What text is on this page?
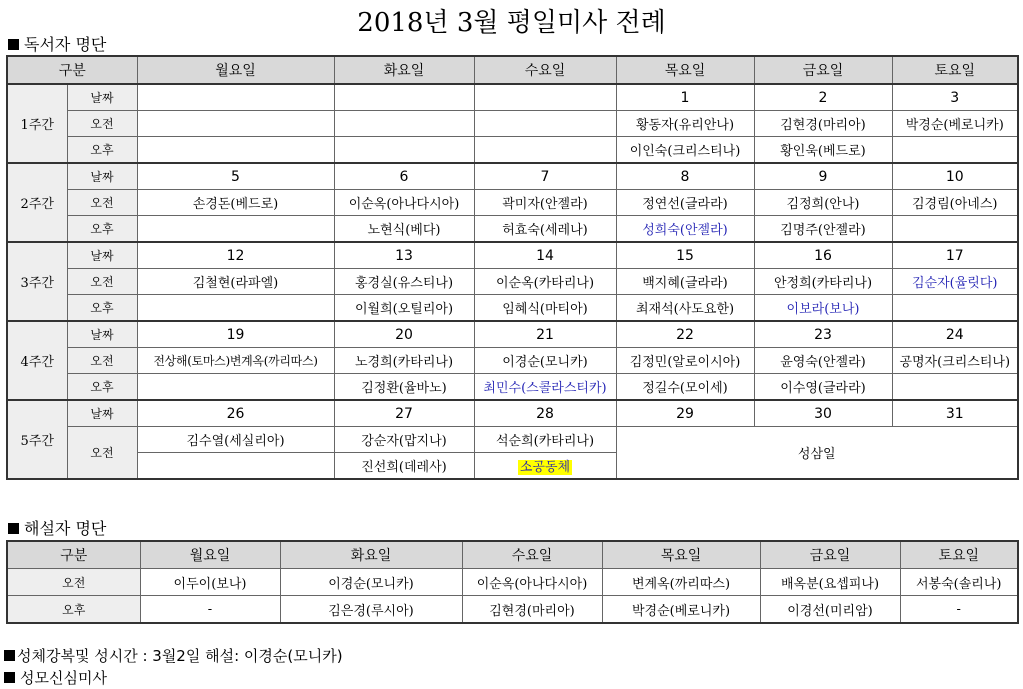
2018년 3월 평일미사 전례
독서자 명단
구분		월요일	화요일	수요일	목요일	금요일	토요일
1주간	날짜				1	2	3
	오전				황동자(유리안나)	김현경(마리아)	박경순(베로니카)
	오후				이인숙(크리스티나)	황인욱(베드로)	
2주간	날짜	5	6	7	8	9	10
	오전	손경돈(베드로)	이순옥(아나다시아)	곽미자(안젤라)	정연선(글라라)	김정희(안나)	김경림(아네스)
	오후		노현식(베다)	허효숙(세레나)	성희숙(안젤라)	김명주(안젤라)	
3주간	날짜	12	13	14	15	16	17
	오전	김철현(라파엘)	홍경실(유스티나)	이순옥(카타리나)	백지혜(글라라)	안정희(카타리나)	김순자(율릿다)
	오후		이월희(오틸리아)	임혜식(마티아)	최재석(사도요한)	이보라(보나)	
4주간	날짜	19	20	21	22	23	24
	오전	전상해(토마스)변계옥(까리따스)	노경희(카타리나)	이경순(모니카)	김정민(알로이시아)	윤영숙(안젤라)	공명자(크리스티나)
	오후		김정환(율바노)	최민수(스콜라스티카)	정길수(모이세)	이수영(글라라)	
5주간	날짜	26	27	28	29	30	31
	오전	김수열(세실리아)	강순자(맙지나)	석순희(카타리나)	성삼일		
			진선희(데레사)	소공동체			
해설자 명단
구분	월요일	화요일	수요일	목요일	금요일	토요일
오전	이두이(보나)	이경순(모니카)	이순옥(아나다시아)	변계옥(까리따스)	배옥분(요셉피나)	서봉숙(솔리나)
오후	-	김은경(루시아)	김현경(마리아)	박경순(베로니카)	이경선(미리암)	-
성체강복및 성시간 : 3월2일 해설: 이경순(모니카)
성모신심미사
